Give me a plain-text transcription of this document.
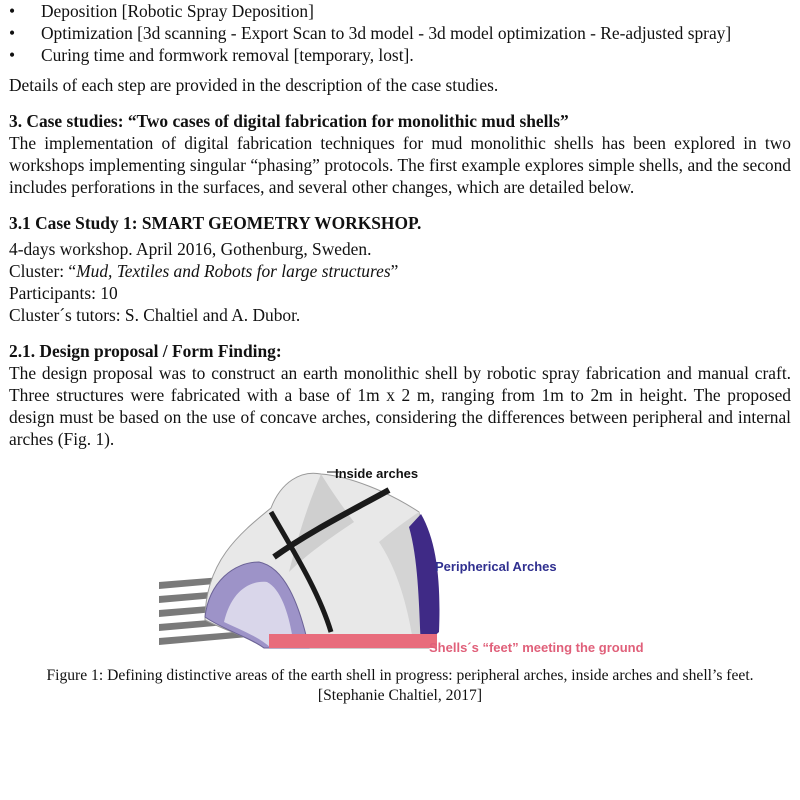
• Deposition [Robotic Spray Deposition]
• Optimization [3d scanning - Export Scan to 3d model - 3d model optimization - Re-adjusted spray]
• Curing time and formwork removal [temporary, lost].

Details of each step are provided in the description of the case studies.

3. Case studies: “Two cases of digital fabrication for monolithic mud shells”

The implementation of digital fabrication techniques for mud monolithic shells has been explored in two workshops implementing singular “phasing” protocols. The first example explores simple shells, and the second includes perforations in the surfaces, and several other changes, which are detailed below.

3.1 Case Study 1: SMART GEOMETRY WORKSHOP.

4-days workshop. April 2016, Gothenburg, Sweden.

Cluster: “Mud, Textiles and Robots for large structures”

Participants: 10

Cluster´s tutors: S. Chaltiel and A. Dubor.

2.1. Design proposal / Form Finding:

The design proposal was to construct an earth monolithic shell by robotic spray fabrication and manual craft. Three structures were fabricated with a base of 1m x 2 m, ranging from 1m to 2m in height. The proposed design must be based on the use of concave arches, considering the differences between peripheral and internal arches (Fig. 1).

Inside arches
Peripherical Arches
Shells´s “feet” meeting the ground
Figure 1: Defining distinctive areas of the earth shell in progress: peripheral arches, inside arches and shell’s feet. [Stephanie Chaltiel, 2017]
